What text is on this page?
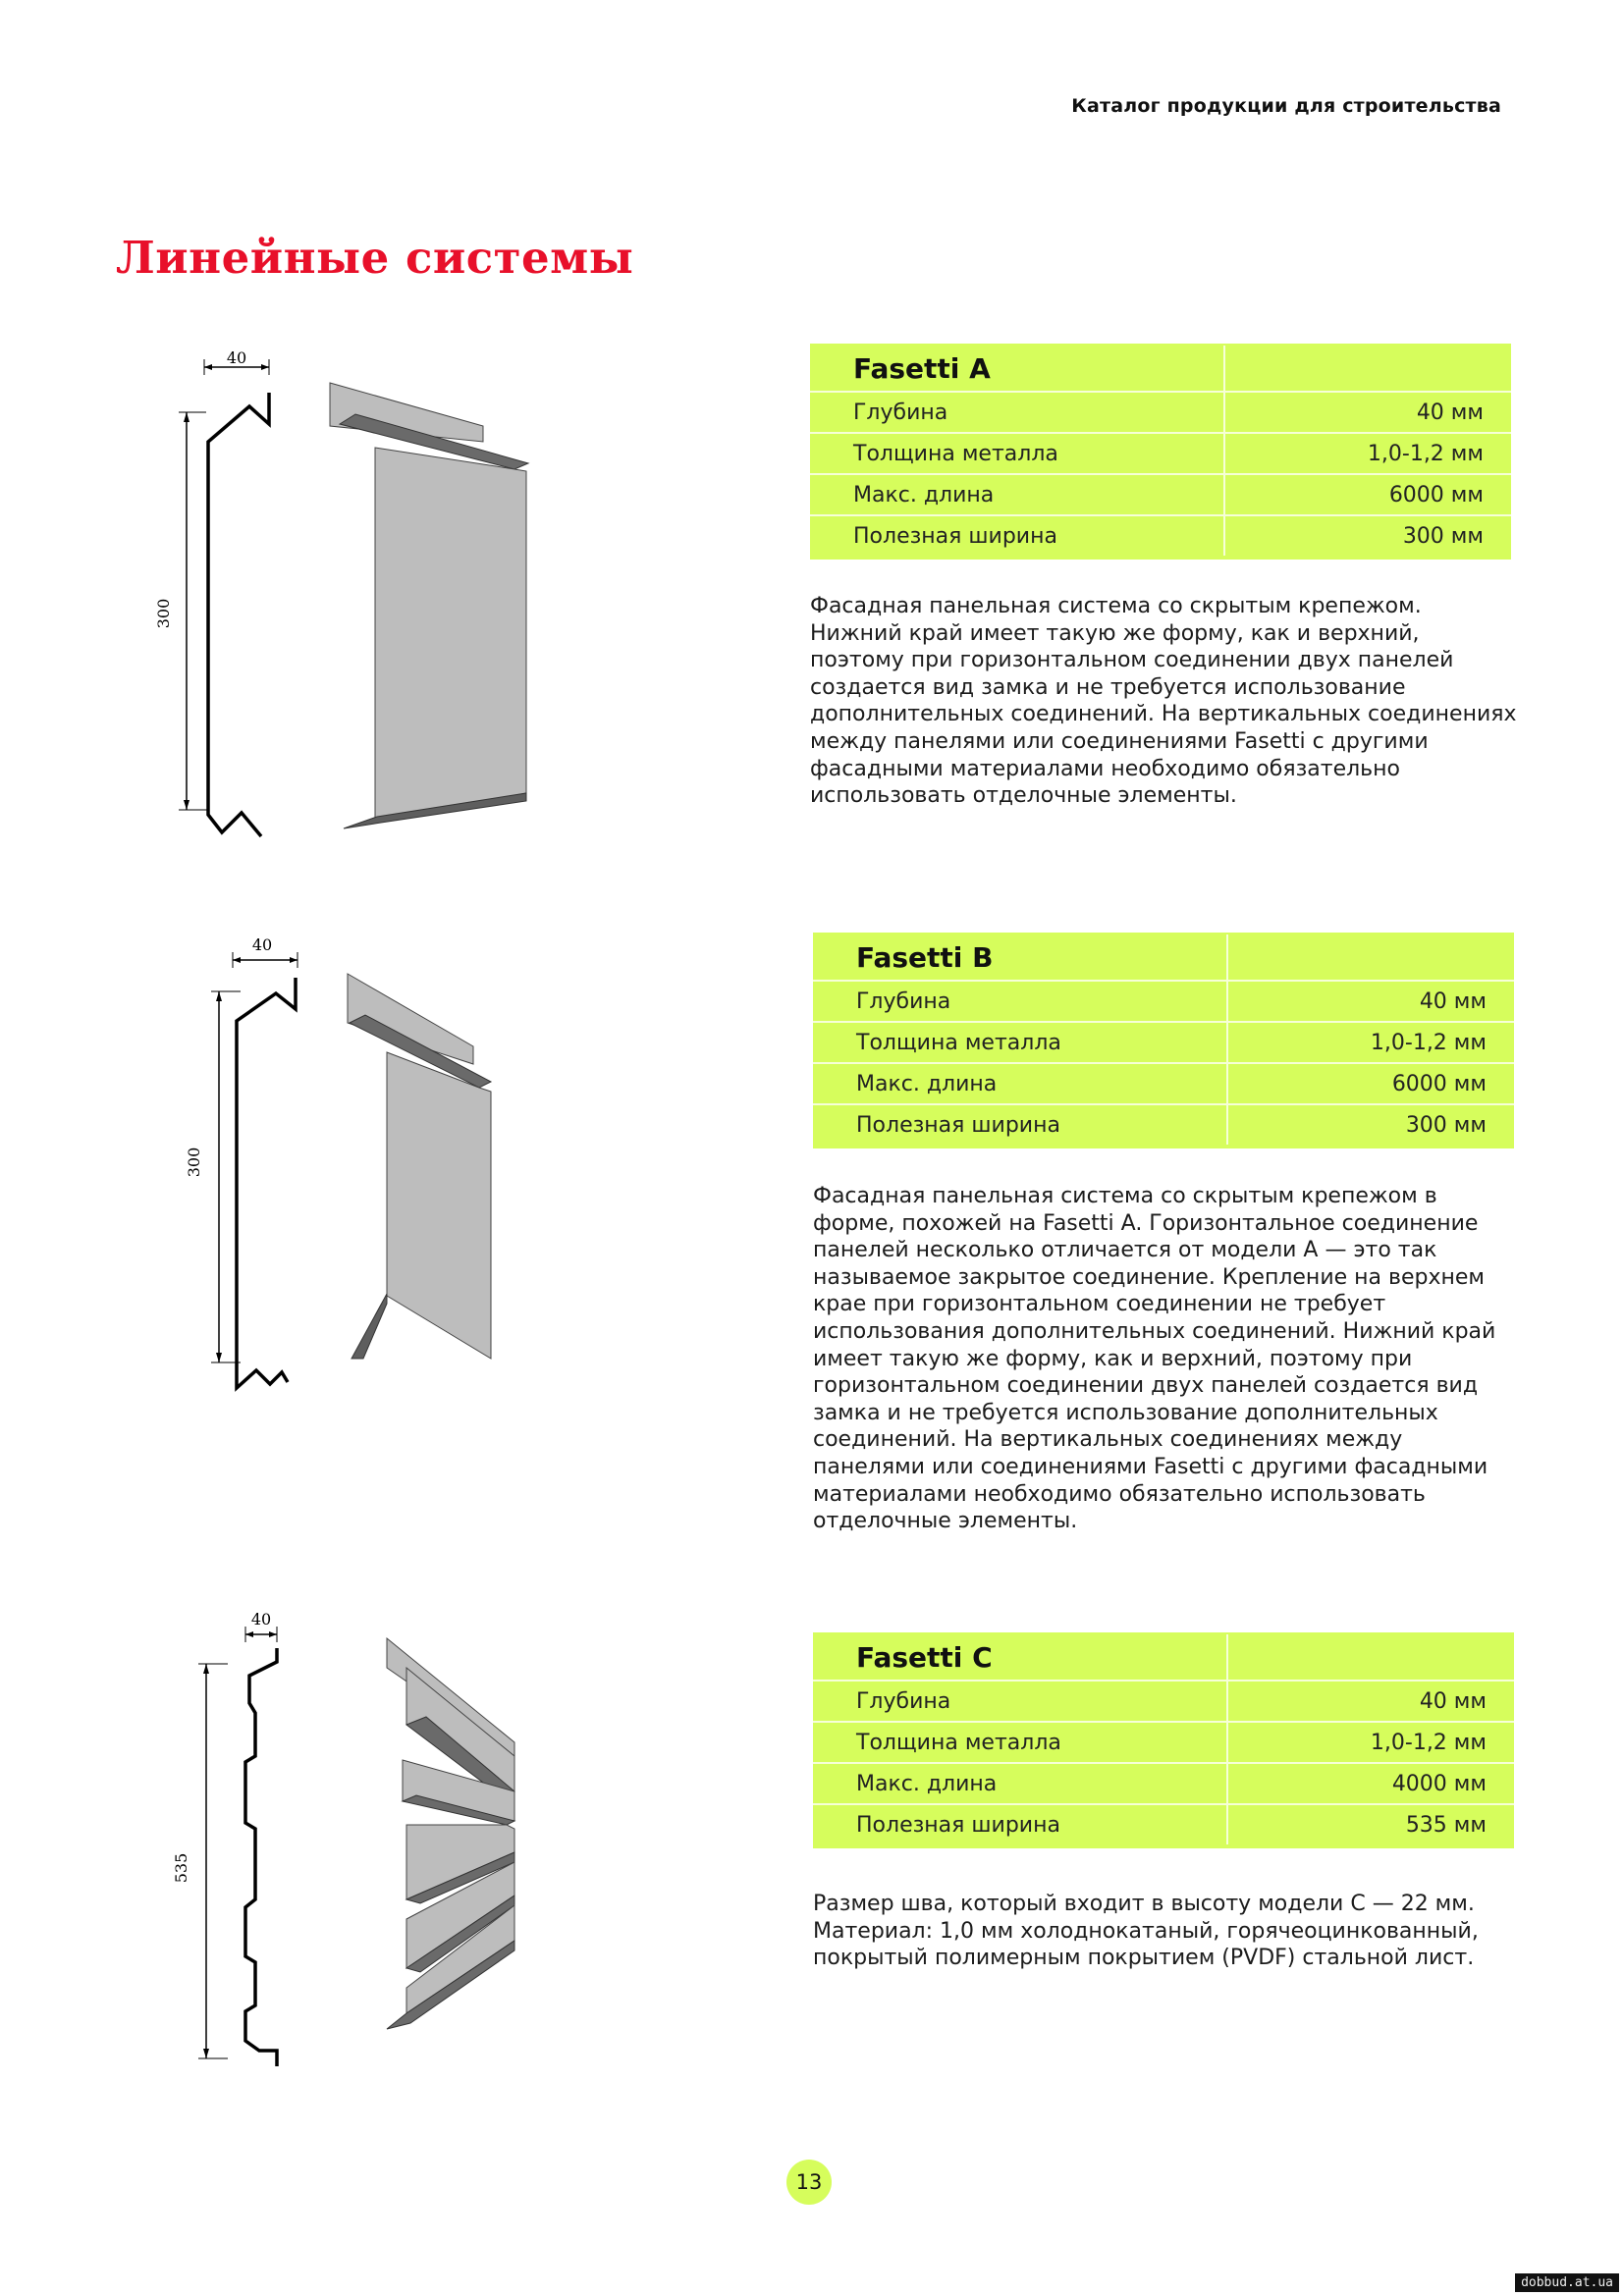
Каталог продукции для строительства
Линейные системы
40
300
Fasetti A
Глубина	40 мм
Толщина металла	1,0-1,2 мм
Макс. длина	6000 мм
Полезная ширина	300 мм
Фасадная панельная система со скрытым крепежом. Нижний край имеет такую же форму, как и верхний, поэтому при горизонтальном соединении двух панелей создается вид замка и не требуется использование дополнительных соединений. На вертикальных соединениях между панелями или соединениями Fasetti с другими фасадными материалами необходимо обязательно использовать отделочные элементы.
40
300
Fasetti B
Глубина	40 мм
Толщина металла	1,0-1,2 мм
Макс. длина	6000 мм
Полезная ширина	300 мм
Фасадная панельная система со скрытым крепежом в форме, похожей на Fasetti A. Горизонтальное соединение панелей несколько отличается от модели А — это так называемое закрытое соединение. Крепление на верхнем крае при горизонтальном соединении не требует использования дополнительных соединений. Нижний край имеет такую же форму, как и верхний, поэтому при горизонтальном соединении двух панелей создается вид замка и не требуется использование дополнительных соединений. На вертикальных соединениях между панелями или соединениями Fasetti с другими фасадными материалами необходимо обязательно использовать отделочные элементы.
40
535
Fasetti C
Глубина	40 мм
Толщина металла	1,0-1,2 мм
Макс. длина	4000 мм
Полезная ширина	535 мм
Размер шва, который входит в высоту модели С — 22 мм. Материал: 1,0 мм холоднокатаный, горячеоцинкованный, покрытый полимерным покрытием (PVDF) стальной лист.
13
dobbud.at.ua
